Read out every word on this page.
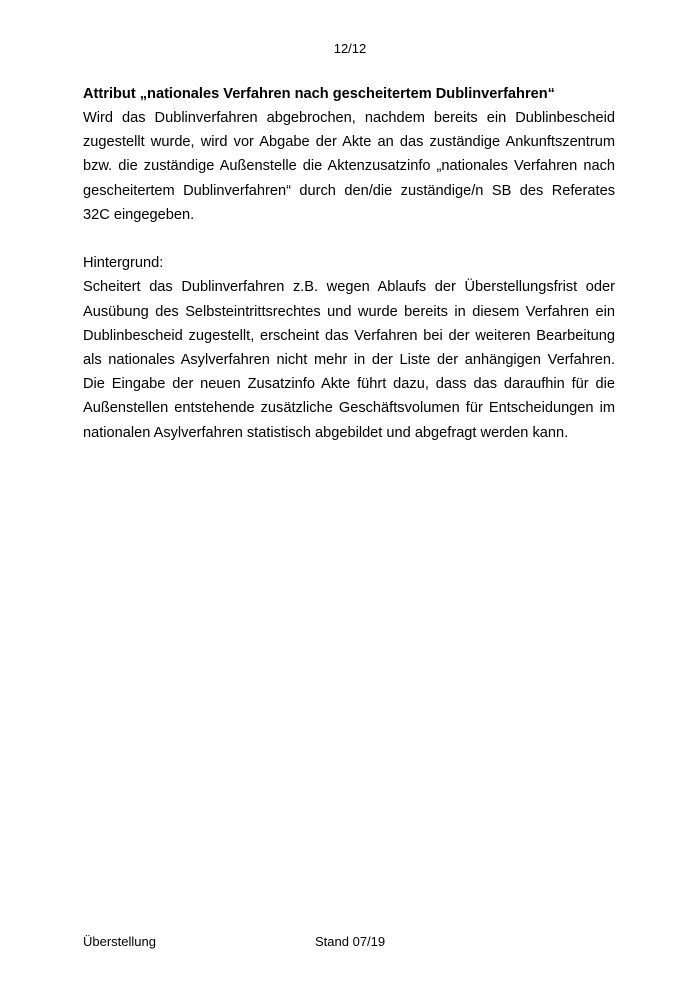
12/12

Attribut „nationales Verfahren nach gescheitertem Dublinverfahren“

Wird das Dublinverfahren abgebrochen, nachdem bereits ein Dublinbescheid zugestellt wurde, wird vor Abgabe der Akte an das zuständige Ankunftszentrum bzw. die zuständige Außenstelle die Aktenzusatzinfo „nationales Verfahren nach gescheitertem Dublinverfahren“ durch den/die zuständige/n SB des Referates 32C eingegeben.

Hintergrund:

Scheitert das Dublinverfahren z.B. wegen Ablaufs der Überstellungsfrist oder Ausübung des Selbsteintrittsrechtes und wurde bereits in diesem Verfahren ein Dublinbescheid zugestellt, erscheint das Verfahren bei der weiteren Bearbeitung als nationales Asylverfahren nicht mehr in der Liste der anhängigen Verfahren. Die Eingabe der neuen Zusatzinfo Akte führt dazu, dass das daraufhin für die Außenstellen entstehende zusätzliche Geschäftsvolumen für Entscheidungen im nationalen Asylverfahren statistisch abgebildet und abgefragt werden kann.

Überstellung	Stand 07/19
